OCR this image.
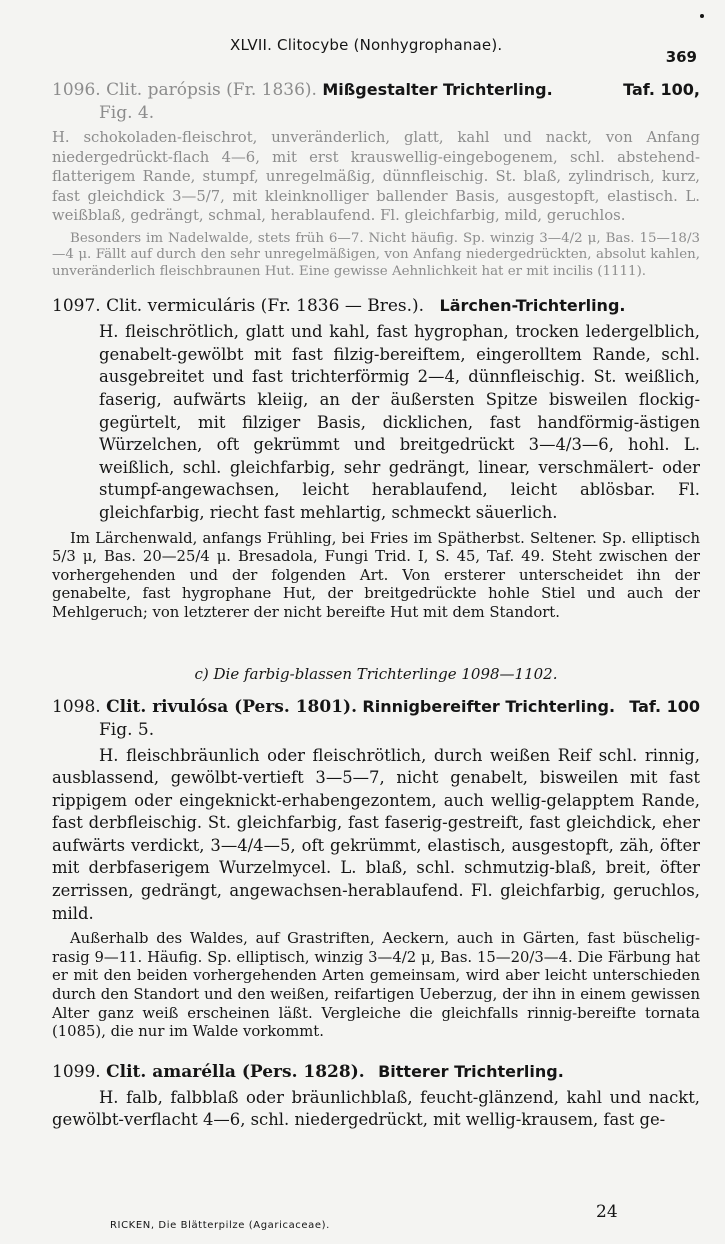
XLVII. Clitocybe (Nonhygrophanae).
369
1096. Clit. parópsis (Fr. 1836). Mißgestalter Trichterling.	Taf. 100,
Fig. 4.

H. schokoladen-fleischrot, unveränderlich, glatt, kahl und nackt, von Anfang niedergedrückt-flach 4—6, mit erst krauswellig-eingebogenem, schl. abstehend-flatterigem Rande, stumpf, unregelmäßig, dünnfleischig. St. blaß, zylindrisch, kurz, fast gleichdick 3—5/7, mit kleinknolliger ballender Basis, ausgestopft, elastisch. L. weißblaß, gedrängt, schmal, herablaufend. Fl. gleichfarbig, mild, geruchlos.

Besonders im Nadelwalde, stets früh 6—7. Nicht häufig. Sp. winzig 3—4/2 μ, Bas. 15—18/3—4 μ. Fällt auf durch den sehr unregelmäßigen, von Anfang niedergedrückten, absolut kahlen, unveränderlich fleischbraunen Hut. Eine gewisse Aehnlichkeit hat er mit incilis (1111).

1097. Clit. vermiculáris (Fr. 1836 — Bres.). Lärchen-Trichterling.

H. fleischrötlich, glatt und kahl, fast hygrophan, trocken ledergelblich, genabelt-gewölbt mit fast filzig-bereiftem, eingerolltem Rande, schl. ausgebreitet und fast trichterförmig 2—4, dünnfleischig. St. weißlich, faserig, aufwärts kleiig, an der äußersten Spitze bisweilen flockig-gegürtelt, mit filziger Basis, dicklichen, fast handförmig-ästigen Würzelchen, oft gekrümmt und breitgedrückt 3—4/3—6, hohl. L. weißlich, schl. gleichfarbig, sehr gedrängt, linear, verschmälert- oder stumpf-angewachsen, leicht herablaufend, leicht ablösbar. Fl. gleichfarbig, riecht fast mehlartig, schmeckt säuerlich.

Im Lärchenwald, anfangs Frühling, bei Fries im Spätherbst. Seltener. Sp. elliptisch 5/3 μ, Bas. 20—25/4 μ. Bresadola, Fungi Trid. I, S. 45, Taf. 49. Steht zwischen der vorhergehenden und der folgenden Art. Von ersterer unterscheidet ihn der genabelte, fast hygrophane Hut, der breitgedrückte hohle Stiel und auch der Mehlgeruch; von letzterer der nicht bereifte Hut mit dem Standort.

c) Die farbig-blassen Trichterlinge 1098—1102.
1098. Clit. rivulósa (Pers. 1801). Rinnigbereifter Trichterling. Taf. 100
Fig. 5.

H. fleischbräunlich oder fleischrötlich, durch weißen Reif schl. rinnig, ausblassend, gewölbt-vertieft 3—5—7, nicht genabelt, bisweilen mit fast rippigem oder eingeknickt-erhabengezontem, auch wellig-gelapptem Rande, fast derbfleischig. St. gleichfarbig, fast faserig-gestreift, fast gleichdick, eher aufwärts verdickt, 3—4/4—5, oft gekrümmt, elastisch, ausgestopft, zäh, öfter mit derbfaserigem Wurzelmycel. L. blaß, schl. schmutzig-blaß, breit, öfter zerrissen, gedrängt, angewachsen-herablaufend. Fl. gleichfarbig, geruchlos, mild.

Außerhalb des Waldes, auf Grastriften, Aeckern, auch in Gärten, fast büschelig-rasig 9—11. Häufig. Sp. elliptisch, winzig 3—4/2 μ, Bas. 15—20/3—4. Die Färbung hat er mit den beiden vorhergehenden Arten gemeinsam, wird aber leicht unterschieden durch den Standort und den weißen, reifartigen Ueberzug, der ihn in einem gewissen Alter ganz weiß erscheinen läßt. Vergleiche die gleichfalls rinnig-bereifte tornata (1085), die nur im Walde vorkommt.

1099. Clit. amarélla (Pers. 1828). Bitterer Trichterling.

H. falb, falbblaß oder bräunlichblaß, feucht-glänzend, kahl und nackt, gewölbt-verflacht 4—6, schl. niedergedrückt, mit wellig-krausem, fast ge-

RICKEN, Die Blätterpilze (Agaricaceae).
24
